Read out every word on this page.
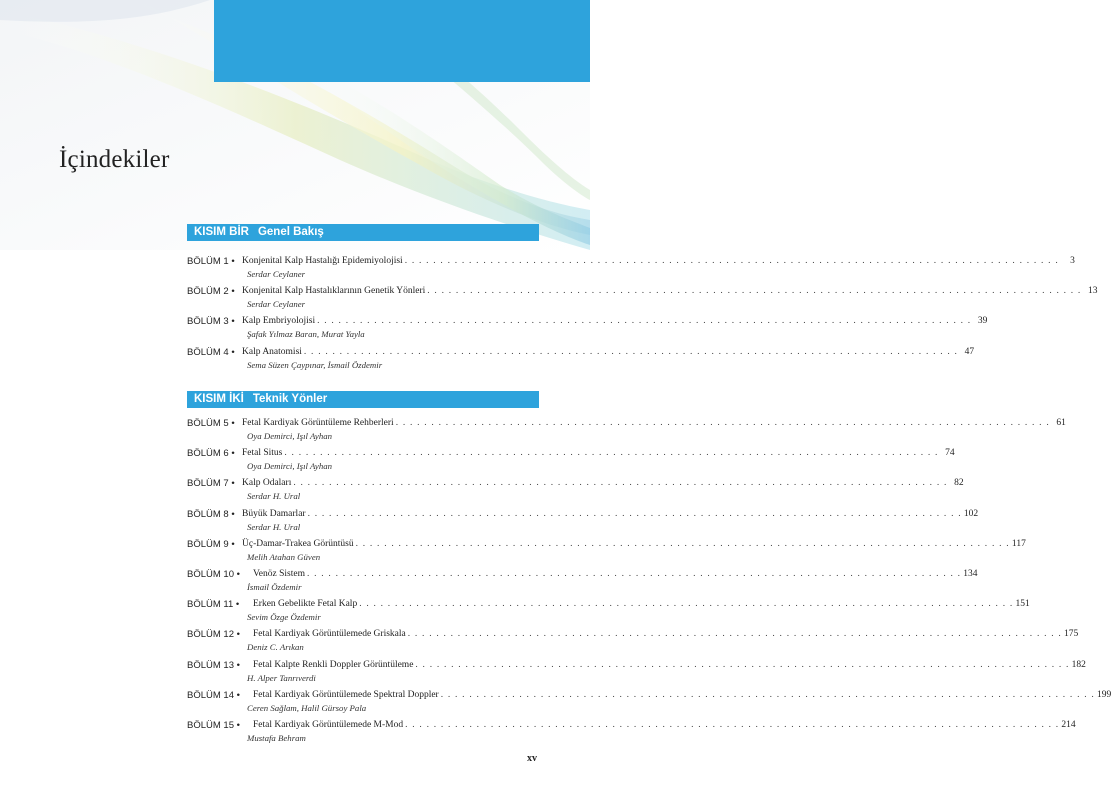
İçindekiler
KISIM BİR Genel Bakış
BÖLÜM 1 • Konjenital Kalp Hastalığı Epidemiyolojisi . . . . . . . . . . . . . . . . . . . . . . . . . . . . . . . . . . . . . . . . . . . . . . . . . . . . . . . . . . . . . . . . . . . . . . . . . . . . . . . . . . . . . . . . . . . .	3
Serdar Ceylaner
BÖLÜM 2 • Konjenital Kalp Hastalıklarının Genetik Yönleri . . . . . . . . . . . . . . . . . . . . . . . . . . . . . . . . . . . . . . . . . . . . . . . . . . . . . . . . . . . . . . . . . . . . . . . . . . . . . . . . . . . . . . . . . . . . 13
Serdar Ceylaner
BÖLÜM 3 • Kalp Embriyolojisi . . . . . . . . . . . . . . . . . . . . . . . . . . . . . . . . . . . . . . . . . . . . . . . . . . . . . . . . . . . . . . . . . . . . . . . . . . . . . . . . . . . . . . . . . . . . 39
Şafak Yılmaz Baran, Murat Yayla
BÖLÜM 4 • Kalp Anatomisi . . . . . . . . . . . . . . . . . . . . . . . . . . . . . . . . . . . . . . . . . . . . . . . . . . . . . . . . . . . . . . . . . . . . . . . . . . . . . . . . . . . . . . . . . . . . 47
Sema Süzen Çaypınar, İsmail Özdemir
KISIM İKİ Teknik Yönler
BÖLÜM 5 • Fetal Kardiyak Görüntüleme Rehberleri . . . . . . . . . . . . . . . . . . . . . . . . . . . . . . . . . . . . . . . . . . . . . . . . . . . . . . . . . . . . . . . . . . . . . . . . . . . . . . . . . . . . . . . . . . . . 61
Oya Demirci, Işıl Ayhan
BÖLÜM 6 • Fetal Situs . . . . . . . . . . . . . . . . . . . . . . . . . . . . . . . . . . . . . . . . . . . . . . . . . . . . . . . . . . . . . . . . . . . . . . . . . . . . . . . . . . . . . . . . . . . . 74
Oya Demirci, Işıl Ayhan
BÖLÜM 7 • Kalp Odaları . . . . . . . . . . . . . . . . . . . . . . . . . . . . . . . . . . . . . . . . . . . . . . . . . . . . . . . . . . . . . . . . . . . . . . . . . . . . . . . . . . . . . . . . . . . . 82
Serdar H. Ural
BÖLÜM 8 • Büyük Damarlar . . . . . . . . . . . . . . . . . . . . . . . . . . . . . . . . . . . . . . . . . . . . . . . . . . . . . . . . . . . . . . . . . . . . . . . . . . . . . . . . . . . . . . . . . . . . 102
Serdar H. Ural
BÖLÜM 9 • Üç-Damar-Trakea Görüntüsü . . . . . . . . . . . . . . . . . . . . . . . . . . . . . . . . . . . . . . . . . . . . . . . . . . . . . . . . . . . . . . . . . . . . . . . . . . . . . . . . . . . . . . . . . . . . 117
Melih Atahan Güven
BÖLÜM 10 • Venöz Sistem . . . . . . . . . . . . . . . . . . . . . . . . . . . . . . . . . . . . . . . . . . . . . . . . . . . . . . . . . . . . . . . . . . . . . . . . . . . . . . . . . . . . . . . . . . . . 134
İsmail Özdemir
BÖLÜM 11 • Erken Gebelikte Fetal Kalp . . . . . . . . . . . . . . . . . . . . . . . . . . . . . . . . . . . . . . . . . . . . . . . . . . . . . . . . . . . . . . . . . . . . . . . . . . . . . . . . . . . . . . . . . . . . 151
Sevim Özge Özdemir
BÖLÜM 12 • Fetal Kardiyak Görüntülemede Griskala . . . . . . . . . . . . . . . . . . . . . . . . . . . . . . . . . . . . . . . . . . . . . . . . . . . . . . . . . . . . . . . . . . . . . . . . . . . . . . . . . . . . . . . . . . . . 175
Deniz C. Arıkan
BÖLÜM 13 • Fetal Kalpte Renkli Doppler Görüntüleme . . . . . . . . . . . . . . . . . . . . . . . . . . . . . . . . . . . . . . . . . . . . . . . . . . . . . . . . . . . . . . . . . . . . . . . . . . . . . . . . . . . . . . . . . . . . 182
H. Alper Tanrıverdi
BÖLÜM 14 • Fetal Kardiyak Görüntülemede Spektral Doppler . . . . . . . . . . . . . . . . . . . . . . . . . . . . . . . . . . . . . . . . . . . . . . . . . . . . . . . . . . . . . . . . . . . . . . . . . . . . . . . . . . . . . . . . . . . . 199
Ceren Sağlam, Halil Gürsoy Pala
BÖLÜM 15 • Fetal Kardiyak Görüntülemede M-Mod . . . . . . . . . . . . . . . . . . . . . . . . . . . . . . . . . . . . . . . . . . . . . . . . . . . . . . . . . . . . . . . . . . . . . . . . . . . . . . . . . . . . . . . . . . . . 214
Mustafa Behram
xv
